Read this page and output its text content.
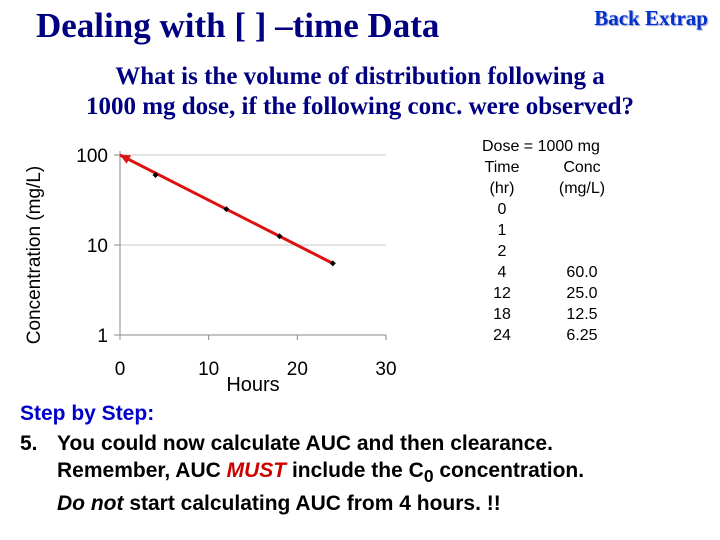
Dealing with [ ] –time Data	Back Extrap
What is the volume of distribution following a
1000 mg dose, if the following conc. were observed?
100
10
1
0	10	20	30
Hours
Concentration (mg/L)
Dose = 1000 mg
Time	Conc
(hr)	(mg/L)
0
1
2
4	60.0
12	25.0
18	12.5
24	6.25
Step by Step:
5. You could now calculate AUC and then clearance.
Remember, AUC MUST include the $C_0$ concentration.
Do not start calculating AUC from 4 hours. !!
